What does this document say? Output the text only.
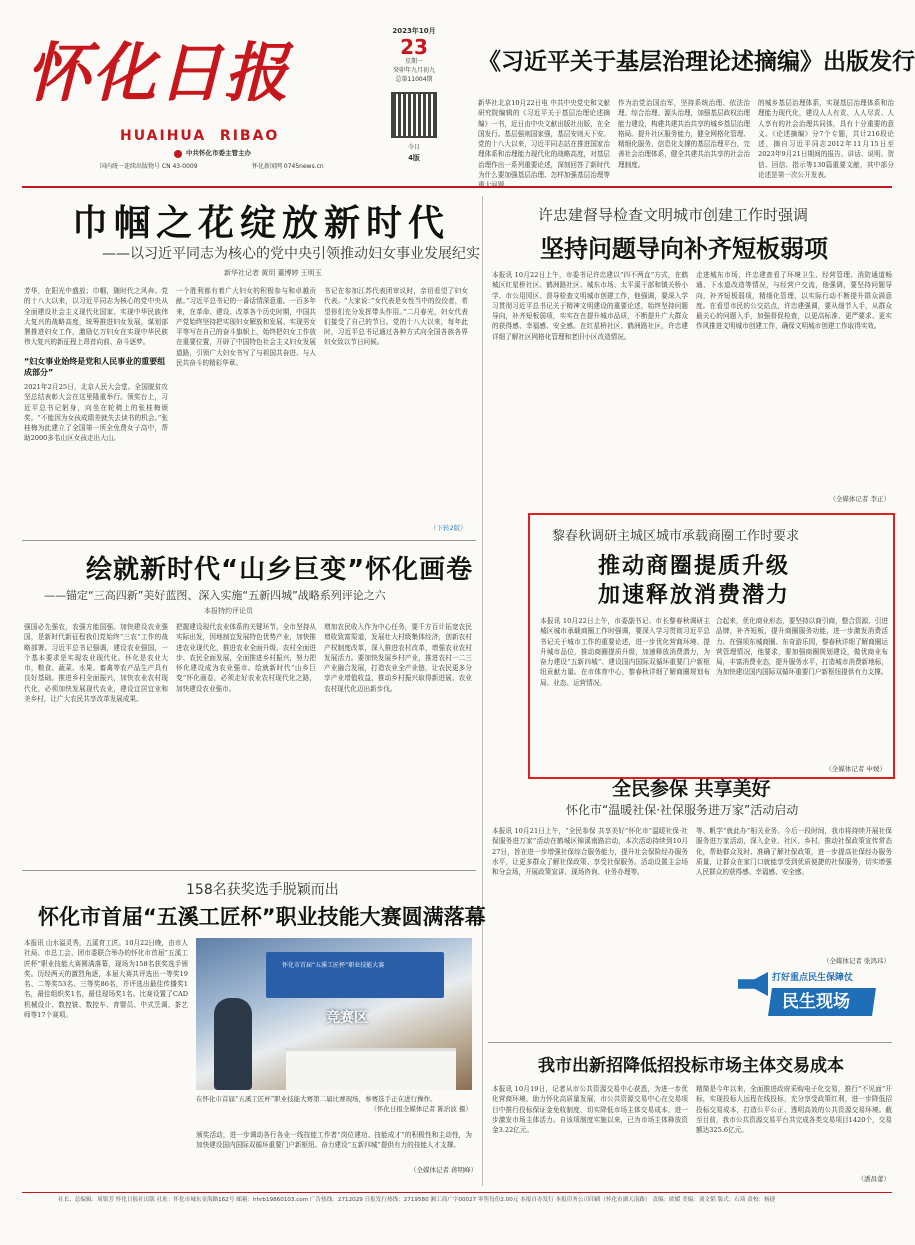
怀化日报
HUAIHUA  RIBAO
中共怀化市委主管主办
国内统一连续出版物号 CN 43-0009	怀化新闻网 0745news.cn
2023年10月
23
星期一
癸卯年九月初九
总第11004期
今日
4版
《习近平关于基层治理论述摘编》出版发行
新华社北京10月22日电 中共中央党史和文献研究院编辑的《习近平关于基层治理论述摘编》一书，近日由中央文献出版社出版，在全国发行。基层强则国家强，基层安则天下安。党的十八大以来，习近平同志站在推进国家治理体系和治理能力现代化的战略高度，对基层治理作出一系列重要论述，深刻回答了新时代为什么要加强基层治理、怎样加强基层治理等
作为治党治国治军，坚持系统治理、依法治理、综合治理、源头治理，加强基层政权治理能力建设，构建共建共治共享的城乡基层治理格局。提升社区服务能力，健全网格化管理、精细化服务、信息化支撑的基层治理平台，完善社会治理体系，健全共建共治共享的社会治理制度。
的城乡基层治理体系，实现基层治理体系和治理能力现代化，建设人人有责、人人尽责、人人享有的社会治理共同体，具有十分重要的意义。《论述摘编》分7个专题，共计216段论述，摘自习近平同志2012年11月15日至2023年9月21日期间的报告、讲话、说明、贺信、回信、指示等130篇重要文献，其中部分论述是第一次公开发表。
巾帼之花绽放新时代
——以习近平同志为核心的党中央引领推动妇女事业发展纪实
新华社记者 黄玥 董博婷 王明玉
芳华，在阳光中盛放；巾帼，随时代之风奔。党的十八大以来，以习近平同志为核心的党中央从全面建设社会主义现代化国家、实现中华民族伟大复兴的战略高度，统筹推进妇女发展，谋划部署推进妇女工作，激励亿万妇女在实现中华民族伟大复兴的新征程上昂首向前、奋斗逐梦。
“妇女事业始终是党和人民事业的重要组成部分”
2021年2月25日，北京人民大会堂。全国脱贫攻坚总结表彰大会在这里隆重举行。领奖台上，习近平总书记躬身，向坐在轮椅上的张桂梅颁奖。“不能因为女孩成绩差就失去读书的机会。”张桂梅为此建立了全国第一所全免费女子高中，帮助2000多名山区女孩走出大山。
一个胜利都有着广大妇女的积极参与和卓越贡献。”习近平总书记的一番话情深意重。一百多年来，在革命、建设、改革各个历史时期，中国共产党始终坚持把实现妇女解放和发展、实现男女平等写在自己的奋斗旗帜上，始终把妇女工作放在重要位置，开辟了中国特色社会主义妇女发展道路，引领广大妇女书写了与祖国共奋进、与人民共奋斗的精彩华章。
书记在参加江苏代表团审议时，亲切看望了妇女代表。“大家说：”女代表是女性当中的佼佼者，希望你们充分发挥带头作用。”二月春光，妇女代表们接受了自己的节日。党的十八大以来，每年此时，习近平总书记通过各种方式向全国各族各界妇女致以节日问候。
（下转2版）
许忠建督导检查文明城市创建工作时强调
坚持问题导向补齐短板弱项
本报讯 10月22日上午，市委书记许忠建以“四不两直”方式，在鹤城区红星桥社区、鹤洲路社区、城东市场、太平溪干部和镇关桥小学、市公用园区、督导检查文明城市创建工作，他强调，要深入学习贯彻习近平总书记关于精神文明建设的重要论述，始终坚持问题导向，补齐短板弱项，实实在在提升城市品质，不断提升广大群众的获得感、幸福感、安全感。在红星桥社区、鹤洲路社区，许忠建详细了解社区网格化管理和老旧小区改造情况。
走进城东市场，许忠建查看了环境卫生、经营管理、消防通道畅通、下水道改造等情况，与经营户交流，他强调，要坚持问题导向，补齐短板弱项，精细化管理，以实际行动不断提升群众满意度。在看望市民的公交站点，许忠建强调，要从细节入手，从群众最关心的问题入手，加强督促检查，以更高标准、更严要求、更实作风推进文明城市创建工作，确保文明城市创建工作取得实效。
（全媒体记者 李正）
绘就新时代“山乡巨变”怀化画卷
——锚定“三高四新”美好蓝图、深入实施“五新四城”战略系列评论之六
本报特约评论员
强国必先强农，农强方能国强。加快建设农业强国，是新时代新征程我们党始终“三农”工作的战略部署。习近平总书记强调，建设农业强国，一个基本要求是实现农业现代化。怀化是农业大市，粮食、蔬菜、水果、畜禽等农产品生产具有良好基础。推进乡村全面振兴，加快农业农村现代化，必须加快发展现代农业，建设宜居宜业和美乡村，让广大农民共享改革发展成果。
把握建设现代农业体系的关键环节。全市坚持从实际出发，因地制宜发展特色优势产业，加快推进农业现代化，推进农业全面升级、农村全面进步、农民全面发展，全面推进乡村振兴，努力把怀化建设成为农业强市。绘就新时代“山乡巨变”怀化画卷，必须走好农业农村现代化之路，加快建设农业强市。
增加农民收入作为中心任务，要千方百计拓宽农民增收致富渠道，发展壮大村级集体经济，创新农村产权制度改革，深入推进农村改革，增强农业农村发展活力。要加快发展乡村产业，推进农村一二三产业融合发展，打造农业全产业链，让农民更多分享产业增值收益，推动乡村振兴取得新进展、农业农村现代化迈出新步伐。
黎春秋调研主城区城市承载商圈工作时要求
推动商圈提质升级
加速释放消费潜力
本报讯 10月22日上午，市委副书记、市长黎春秋调研主城区城市承载商圈工作时强调，要深入学习贯彻习近平总书记关于城市工作的重要论述，进一步优化营商环境、提升城市品位，推动商圈提质升级，加速释放消费潜力，为奋力建设“五新四城”、建设国内国际双循环重要门户新枢纽贡献力量。在市体育中心，黎春秋详细了解商圈规划布局、业态、运营情况。
合起来，优化商业形态，要坚持以商引商，整合资源、引进品牌，补齐短板，提升商圈服务功能，进一步激发消费活力。在强项东城商圈、东奇游乐园，黎春秋详细了解商圈运营管理情况，他要求，要加强商圈规划建设，做优商业布局，丰富消费业态，提升服务水平，打造城市消费新地标，为加快建设国内国际双循环重要门户新枢纽提供有力支撑。
（全媒体记者 申媛）
全民参保 共享美好
怀化市“温暖社保·社保服务进万家”活动启动
本报讯 10月21日上午，“全民参保 共享美好”怀化市“温暖社保·社保服务进万家”活动在鹤城区锦溪南路启动，本次活动持续到10月27日，旨在进一步增强社保综合服务能力，提升社会保险经办服务水平，让更多群众了解社保政策、享受社保服务。活动设置主会场和分会场，开展政策宣讲、现场咨询、业务办理等。
等、帆学“就此办”相关业务。今后一段时间，我市将持续开展社保服务进万家活动，深入企业、社区、乡村，推动社保政策宣传常态化，帮助群众及时、准确了解社保政策，进一步提高社保经办服务质量，让群众在家门口就能享受到优质便捷的社保服务，切实增强人民群众的获得感、幸福感、安全感。
（全媒体记者 张鸿玮）
打好重点民生保障仗
民生现场
158名获奖选手脱颖而出
怀化市首届“五溪工匠杯”职业技能大赛圆满落幕
本报讯 山水溢灵秀，五溪育工匠。10月22日晚，由市人社局、市总工会、团市委联合举办的怀化市首届“五溪工匠杯”职业技能大赛圆满落幕，现场为158名获奖选手颁奖。历经两天的激烈角逐，本届大赛共评选出一等奖19名、二等奖53名、三等奖86名，并评选出最佳传播奖1名，最佳组织奖1名，最佳现场奖1名。比赛设置了CAD机械设计、数控铣、数控车、育婴员、中式烹调、茶艺师等17个赛项。
怀化市首届“五溪工匠杯”职业技能大赛
竞赛区
在怀化市首届“五溪工匠杯”职业技能大赛第二届比赛现场，参赛选手正在进行操作。
（怀化日报全媒体记者 陈治波 摄）
颁奖活动，进一步调动各行各业一线技能工作者“岗位建功、技能成才”的积极性和主动性，为加快建设国内国际双循环重要门户新枢纽、奋力建设“五新四城”提供有力的技能人才支撑。
（全媒体记者 蒋明峰）
我市出新招降低招投标市场主体交易成本
本报讯 10月19日，记者从市公共资源交易中心获悉，为进一步优化营商环境，助力怀化高质量发展，市公共资源交易中心在交易项目中推行投标保证金免收制度，切实降低市场主体交易成本，进一步激发市场主体活力。自该项制度实施以来，已为市场主体释放资金3.22亿元。
精简是今年以来，全面推进政府采购电子化交易，推行“不见面”开标，实现投标人远程在线投标，充分享受政策红利，进一步降低招投标交易成本，打造公平公正、透明高效的公共资源交易环境。截至目前，我市公共资源交易平台共完成各类交易项目1420个，交易额达325.6亿元。
（潘昌蕾）
社长、总编辑：周银芳 怀化日报社出版 社址：怀化市城东金海路162号 邮箱：hhrb19860103.com 广告热线：2712029 日报发行热线：2719580 湘工商广字00027 零售每份2.00元 本报自办发行 本报印务公司印刷（怀化市湖天南路） 责编：欧媛 美编：刘文韬 版式：石琦 责校：杨捷
